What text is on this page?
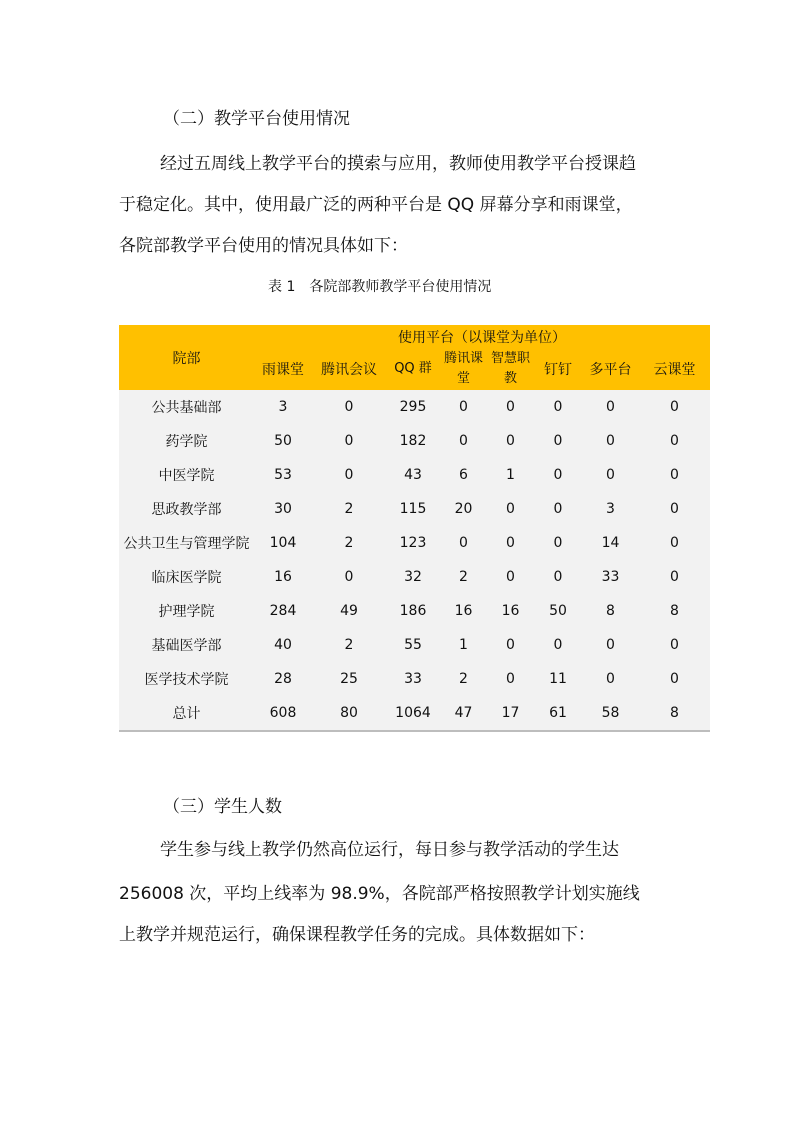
（二）教学平台使用情况
经过五周线上教学平台的摸索与应用，教师使用教学平台授课趋
于稳定化。其中，使用最广泛的两种平台是 QQ 屏幕分享和雨课堂，
各院部教学平台使用的情况具体如下：
表 1　各院部教师教学平台使用情况
院部	使用平台（以课堂为单位）							
	雨课堂	腾讯会议	QQ 群	腾讯课堂	智慧职教	钉钉	多平台	云课堂
公共基础部	3	0	295	0	0	0	0	0
药学院	50	0	182	0	0	0	0	0
中医学院	53	0	43	6	1	0	0	0
思政教学部	30	2	115	20	0	0	3	0
公共卫生与管理学院	104	2	123	0	0	0	14	0
临床医学院	16	0	32	2	0	0	33	0
护理学院	284	49	186	16	16	50	8	8
基础医学部	40	2	55	1	0	0	0	0
医学技术学院	28	25	33	2	0	11	0	0
总计	608	80	1064	47	17	61	58	8
（三）学生人数
学生参与线上教学仍然高位运行，每日参与教学活动的学生达
256008 次，平均上线率为 98.9%，各院部严格按照教学计划实施线
上教学并规范运行，确保课程教学任务的完成。具体数据如下：
